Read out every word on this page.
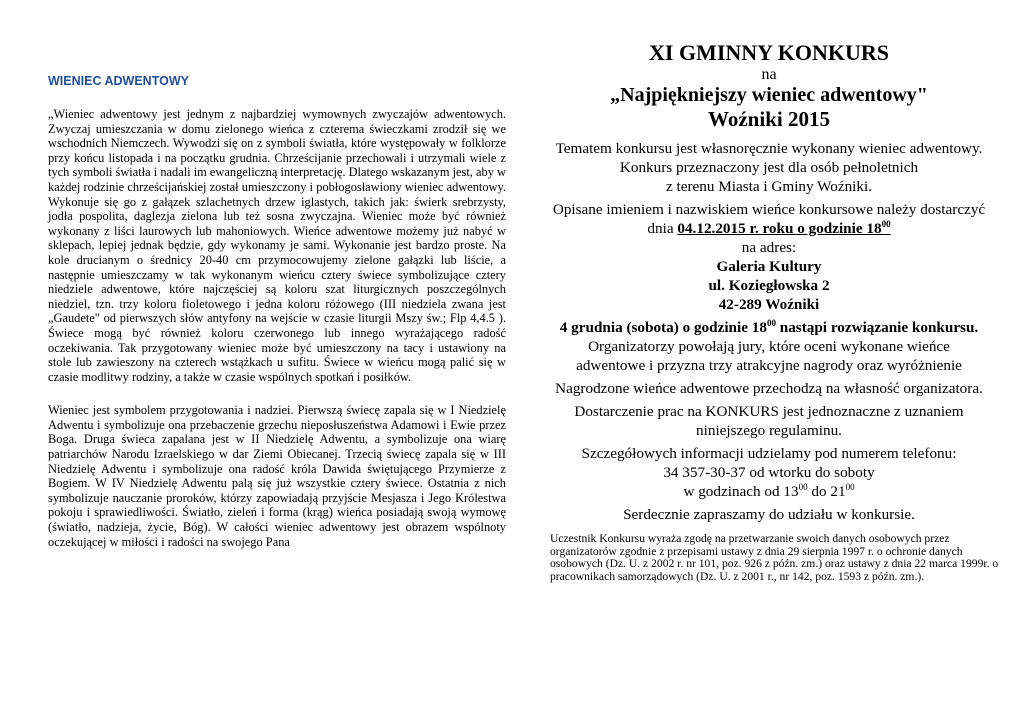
WIENIEC ADWENTOWY

„Wieniec adwentowy jest jednym z najbardziej wymownych zwyczajów adwentowych. Zwyczaj umieszczania w domu zielonego wieńca z czterema świeczkami zrodził się we wschodnich Niemczech. Wywodzi się on z symboli światła, które występowały w folklorze przy końcu listopada i na początku grudnia. Chrześcijanie przechowali i utrzymali wiele z tych symboli światła i nadali im ewangeliczną interpretację. Dlatego wskazanym jest, aby w każdej rodzinie chrześcijańskiej został umieszczony i pobłogosławiony wieniec adwentowy. Wykonuje się go z gałązek szlachetnych drzew iglastych, takich jak: świerk srebrzysty, jodła pospolita, daglezja zielona lub też sosna zwyczajna. Wieniec może być również wykonany z liści laurowych lub mahoniowych. Wieńce adwentowe możemy już nabyć w sklepach, lepiej jednak będzie, gdy wykonamy je sami. Wykonanie jest bardzo proste. Na kole drucianym o średnicy 20-40 cm przymocowujemy zielone gałązki lub liście, a następnie umieszczamy w tak wykonanym wieńcu cztery świece symbolizujące cztery niedziele adwentowe, które najczęściej są koloru szat liturgicznych poszczególnych niedziel, tzn. trzy koloru fioletowego i jedna koloru różowego (III niedziela zwana jest „Gaudete" od pierwszych słów antyfony na wejście w czasie liturgii Mszy św.; Flp 4,4.5 ). Świece mogą być również koloru czerwonego lub innego wyrażającego radość oczekiwania. Tak przygotowany wieniec może być umieszczony na tacy i ustawiony na stole lub zawieszony na czterech wstążkach u sufitu. Świece w wieńcu mogą palić się w czasie modlitwy rodziny, a także w czasie wspólnych spotkań i posiłków.

Wieniec jest symbolem przygotowania i nadziei. Pierwszą świecę zapala się w I Niedzielę Adwentu i symbolizuje ona przebaczenie grzechu nieposłuszeństwa Adamowi i Ewie przez Boga. Druga świeca zapalana jest w II Niedzielę Adwentu, a symbolizuje ona wiarę patriarchów Narodu Izraelskiego w dar Ziemi Obiecanej. Trzecią świecę zapala się w III Niedzielę Adwentu i symbolizuje ona radość króla Dawida świętującego Przymierze z Bogiem. W IV Niedzielę Adwentu palą się już wszystkie cztery świece. Ostatnia z nich symbolizuje nauczanie proroków, którzy zapowiadają przyjście Mesjasza i Jego Królestwa pokoju i sprawiedliwości. Światło, zieleń i forma (krąg) wieńca posiadają swoją wymowę (światło, nadzieja, życie, Bóg). W całości wieniec adwentowy jest obrazem wspólnoty oczekującej w miłości i radości na swojego Pana

XI GMINNY KONKURS
na
„Najpiękniejszy wieniec adwentowy"
Woźniki 2015

Tematem konkursu jest własnoręcznie wykonany wieniec adwentowy.

Konkurs przeznaczony jest dla osób pełnoletnich

z terenu Miasta i Gminy Woźniki.

Opisane imieniem i nazwiskiem wieńce konkursowe należy dostarczyć

dnia 04.12.2015 r. roku o godzinie $18^{00}$

na adres:

Galeria Kultury

ul. Koziegłowska 2

42-289 Woźniki

4 grudnia (sobota) o godzinie $18^{00}$ nastąpi rozwiązanie konkursu.

Organizatorzy powołają jury, które oceni wykonane wieńce

adwentowe i przyzna trzy atrakcyjne nagrody oraz wyróżnienie

Nagrodzone wieńce adwentowe przechodzą na własność organizatora.

Dostarczenie prac na KONKURS jest jednoznaczne z uznaniem

niniejszego regulaminu.

Szczegółowych informacji udzielamy pod numerem telefonu:

34 357-30-37 od wtorku do soboty

w godzinach od $13^{00}$ do $21^{00}$

Serdecznie zapraszamy do udziału w konkursie.

Uczestnik Konkursu wyraża zgodę na przetwarzanie swoich danych osobowych przez organizatorów zgodnie z przepisami ustawy z dnia 29 sierpnia 1997 r. o ochronie danych osobowych (Dz. U. z 2002 r. nr 101, poz. 926 z późn. zm.) oraz ustawy z dnia 22 marca 1999r. o pracownikach samorządowych (Dz. U. z 2001 r., nr 142, poz. 1593 z późn. zm.).
